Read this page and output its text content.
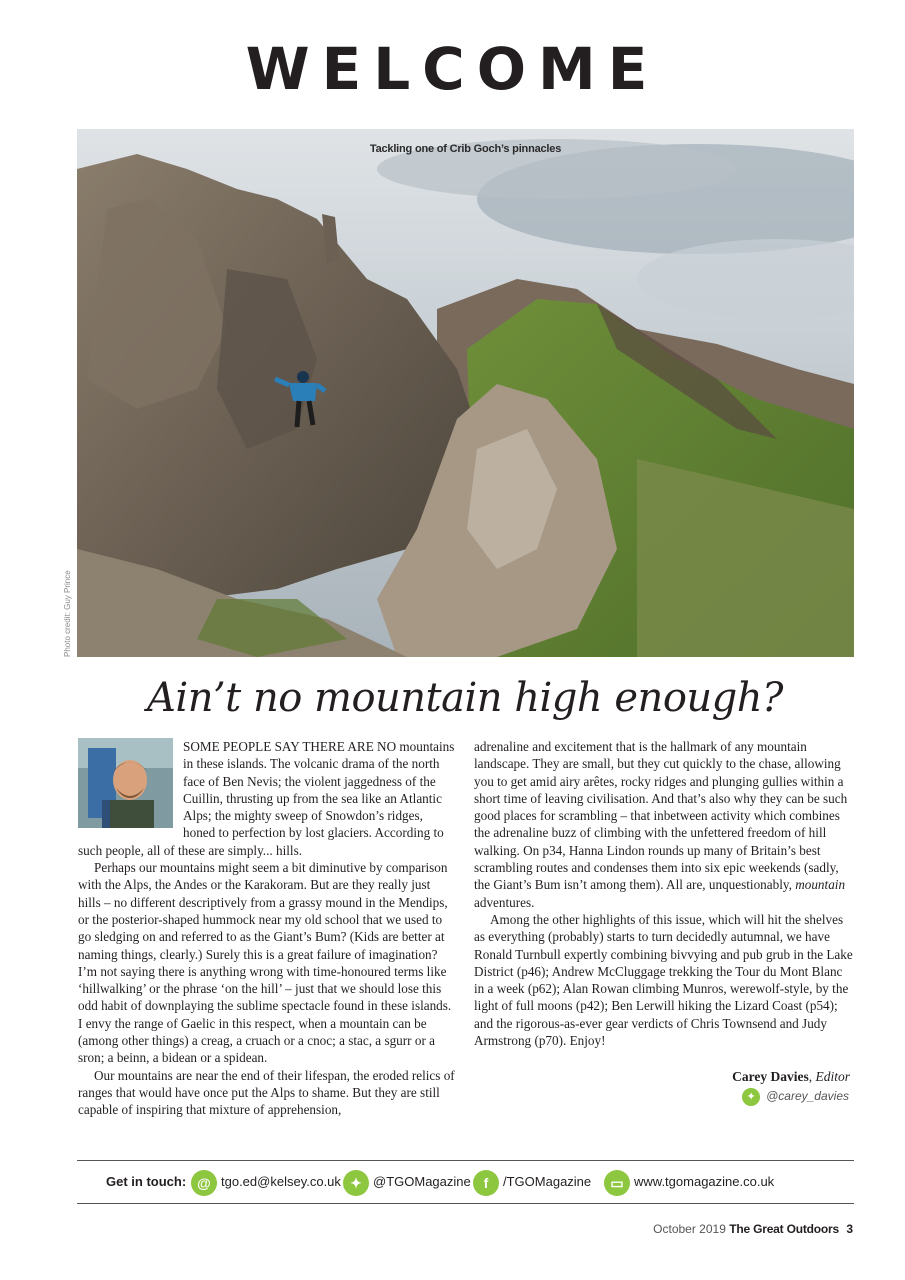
WELCOME
Tackling one of Crib Goch’s pinnacles
Photo credit: Guy Prince
Ain’t no mountain high enough?

SOME PEOPLE SAY THERE ARE NO mountains in these islands. The volcanic drama of the north face of Ben Nevis; the violent jaggedness of the Cuillin, thrusting up from the sea like an Atlantic Alps; the mighty sweep of Snowdon’s ridges, honed to perfection by lost glaciers. According to such people, all of these are simply... hills.

Perhaps our mountains might seem a bit diminutive by comparison with the Alps, the Andes or the Karakoram. But are they really just hills – no different descriptively from a grassy mound in the Mendips, or the posterior-shaped hummock near my old school that we used to go sledging on and referred to as the Giant’s Bum? (Kids are better at naming things, clearly.) Surely this is a great failure of imagination? I’m not saying there is anything wrong with time-honoured terms like ‘hillwalking’ or the phrase ‘on the hill’ – just that we should lose this odd habit of downplaying the sublime spectacle found in these islands. I envy the range of Gaelic in this respect, when a mountain can be (among other things) a creag, a cruach or a cnoc; a stac, a sgurr or a sron; a beinn, a bidean or a spidean.

Our mountains are near the end of their lifespan, the eroded relics of ranges that would have once put the Alps to shame. But they are still capable of inspiring that mixture of apprehension,

adrenaline and excitement that is the hallmark of any mountain landscape. They are small, but they cut quickly to the chase, allowing you to get amid airy arêtes, rocky ridges and plunging gullies within a short time of leaving civilisation. And that’s also why they can be such good places for scrambling – that inbetween activity which combines the adrenaline buzz of climbing with the unfettered freedom of hill walking. On p34, Hanna Lindon rounds up many of Britain’s best scrambling routes and condenses them into six epic weekends (sadly, the Giant’s Bum isn’t among them). All are, unquestionably, mountain adventures.

Among the other highlights of this issue, which will hit the shelves as everything (probably) starts to turn decidedly autumnal, we have Ronald Turnbull expertly combining bivvying and pub grub in the Lake District (p46); Andrew McCluggage trekking the Tour du Mont Blanc in a week (p62); Alan Rowan climbing Munros, werewolf-style, by the light of full moons (p42); Ben Lerwill hiking the Lizard Coast (p54); and the rigorous-as-ever gear verdicts of Chris Townsend and Judy Armstrong (p70). Enjoy!

Carey Davies, Editor
✦ @carey_davies
Get in touch: @ tgo.ed@kelsey.co.uk ✦ @TGOMagazine f /TGOMagazine	▭ www.tgomagazine.co.uk
October 2019 The Great Outdoors 3
